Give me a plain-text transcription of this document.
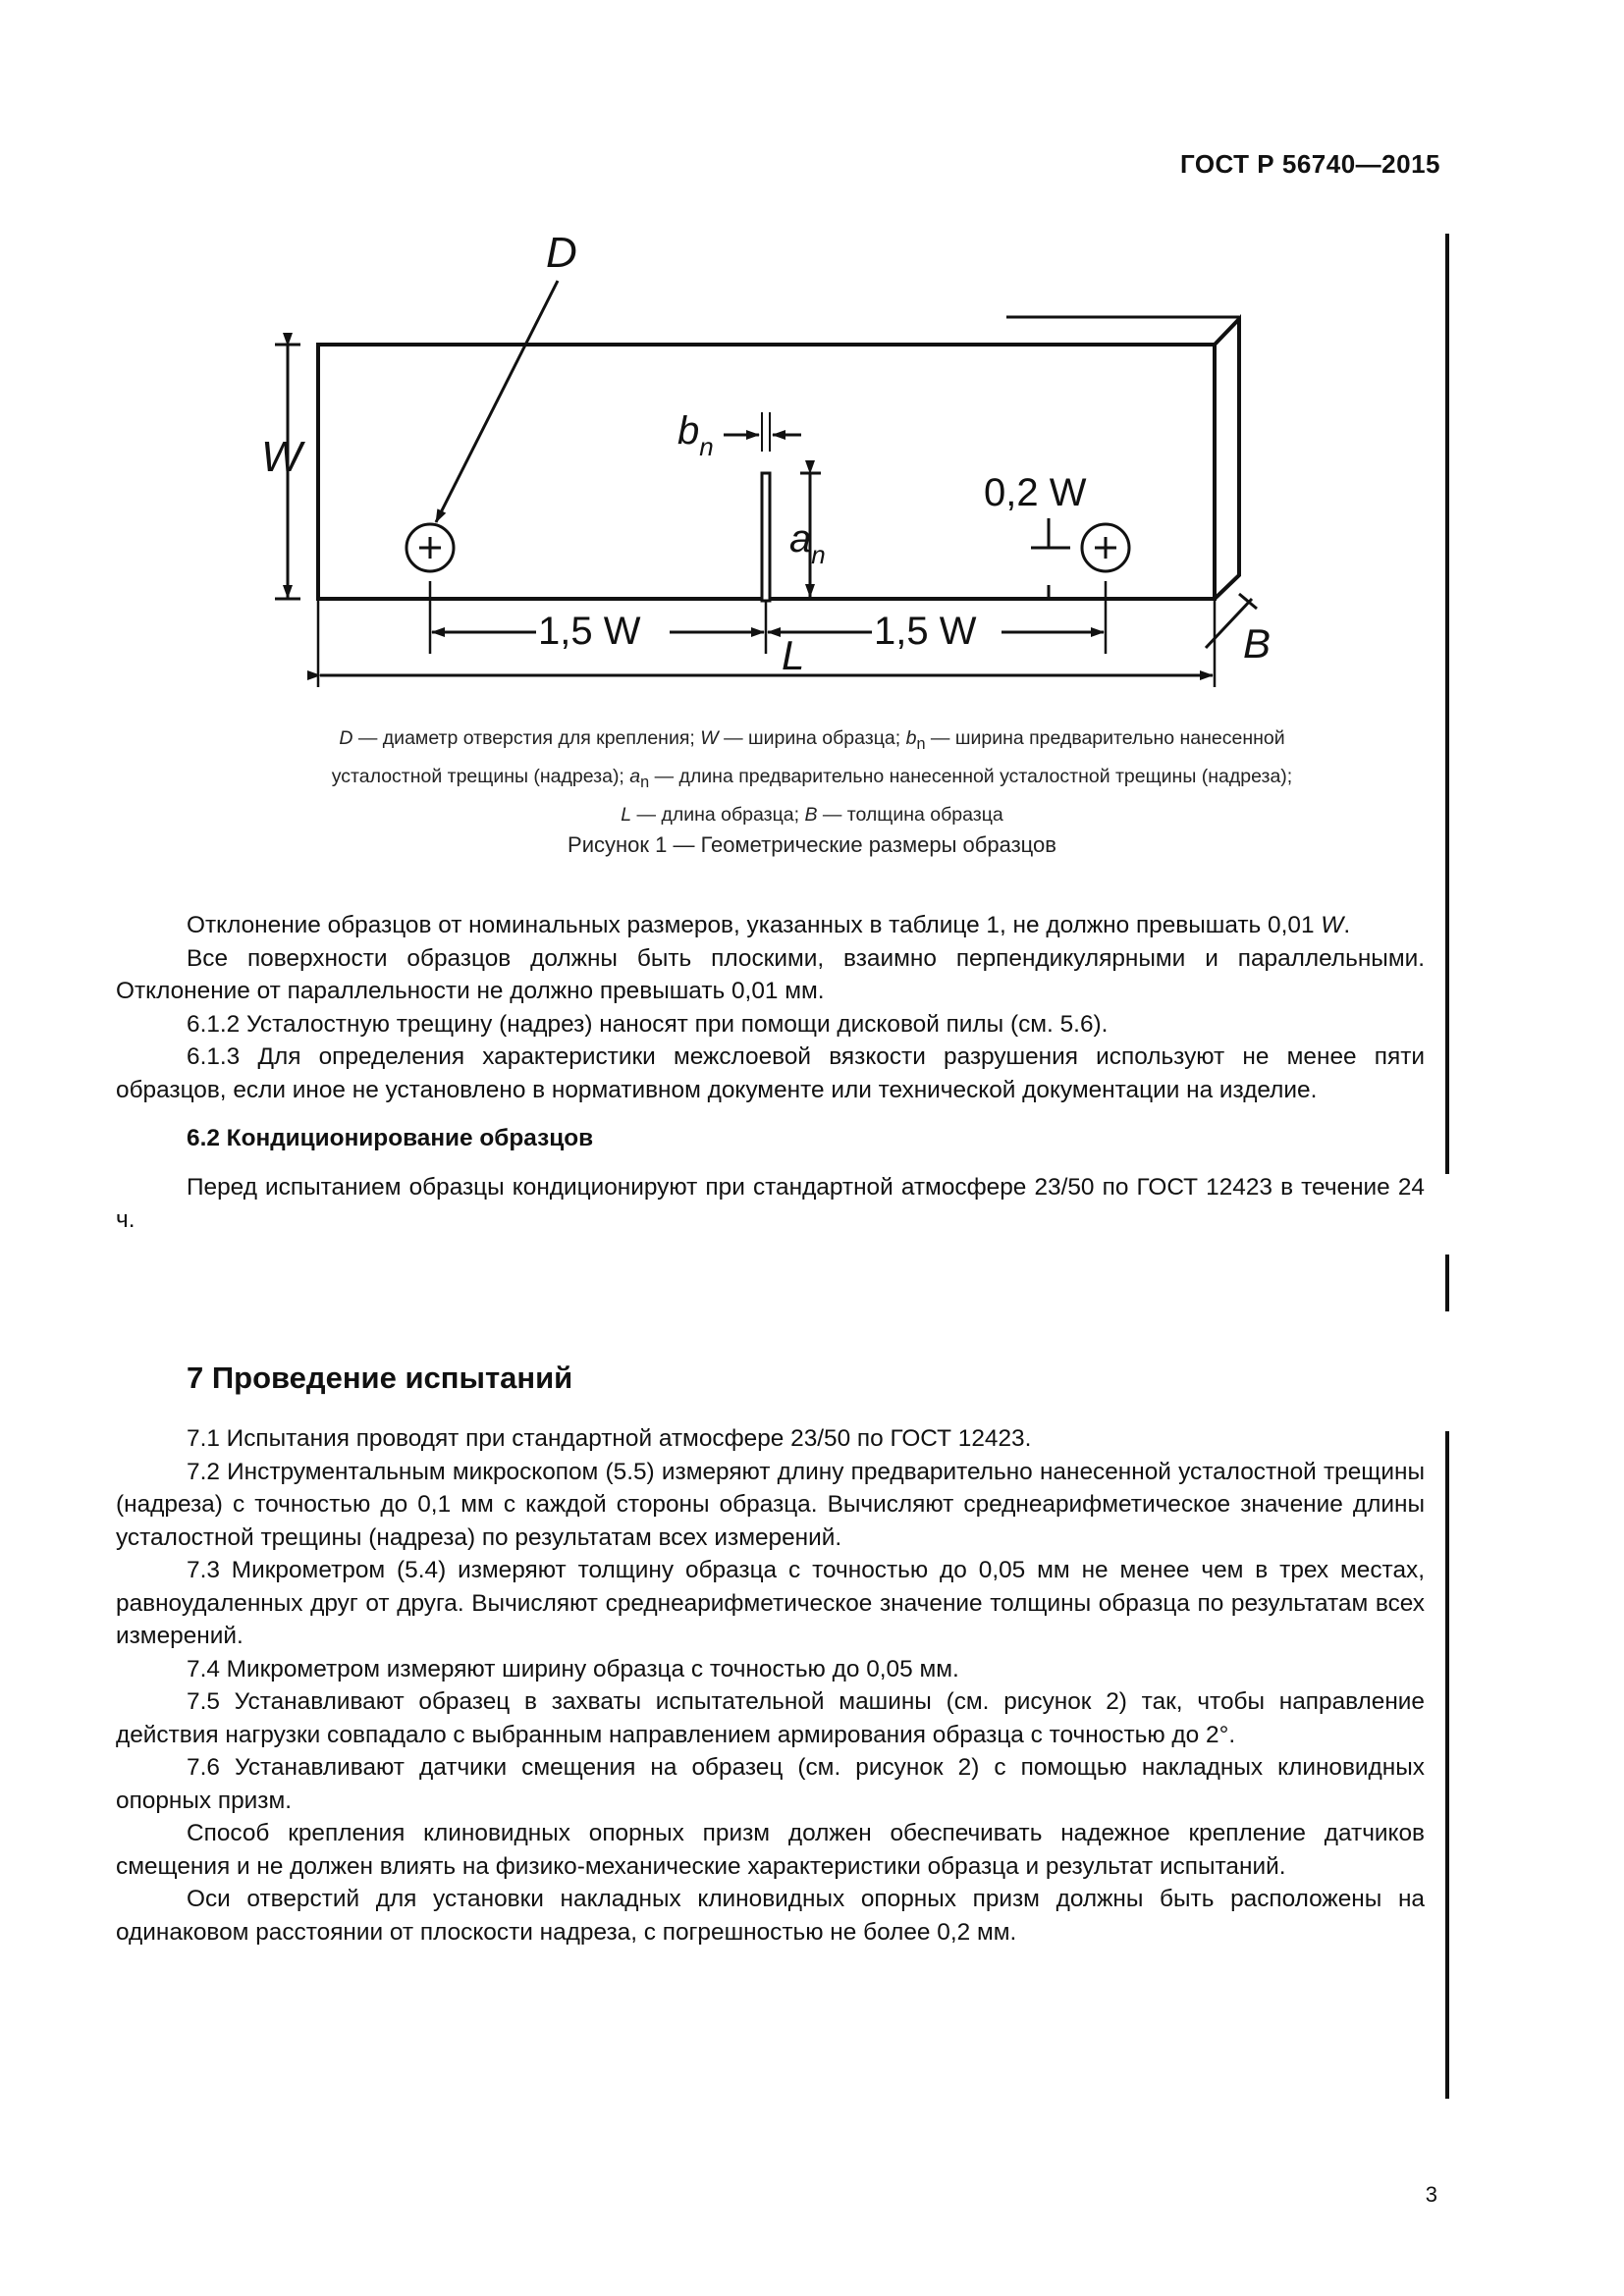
ГОСТ Р 56740—2015
D
W
$b_n$
$a_n$
0,2 W
1,5 W	1,5 W
L	B
D — диаметр отверстия для крепления; W — ширина образца; $b_n$ — ширина предварительно нанесенной
усталостной трещины (надреза); $a_n$ — длина предварительно нанесенной усталостной трещины (надреза);
L — длина образца; B — толщина образца
Рисунок 1 — Геометрические размеры образцов

Отклонение образцов от номинальных размеров, указанных в таблице 1, не должно превышать 0,01 W.

Все поверхности образцов должны быть плоскими, взаимно перпендикулярными и параллельными. Отклонение от параллельности не должно превышать 0,01 мм.

6.1.2 Усталостную трещину (надрез) наносят при помощи дисковой пилы (см. 5.6).

6.1.3 Для определения характеристики межслоевой вязкости разрушения используют не менее пяти образцов, если иное не установлено в нормативном документе или технической документации на изделие.

6.2 Кондиционирование образцов

Перед испытанием образцы кондиционируют при стандартной атмосфере 23/50 по ГОСТ 12423 в течение 24 ч.

7 Проведение испытаний

7.1 Испытания проводят при стандартной атмосфере 23/50 по ГОСТ 12423.

7.2 Инструментальным микроскопом (5.5) измеряют длину предварительно нанесенной усталостной трещины (надреза) с точностью до 0,1 мм с каждой стороны образца. Вычисляют среднеарифметическое значение длины усталостной трещины (надреза) по результатам всех измерений.

7.3 Микрометром (5.4) измеряют толщину образца с точностью до 0,05 мм не менее чем в трех местах, равноудаленных друг от друга. Вычисляют среднеарифметическое значение толщины образца по результатам всех измерений.

7.4 Микрометром измеряют ширину образца с точностью до 0,05 мм.

7.5 Устанавливают образец в захваты испытательной машины (см. рисунок 2) так, чтобы направление действия нагрузки совпадало с выбранным направлением армирования образца с точностью до 2°.

7.6 Устанавливают датчики смещения на образец (см. рисунок 2) с помощью накладных клиновидных опорных призм.

Способ крепления клиновидных опорных призм должен обеспечивать надежное крепление датчиков смещения и не должен влиять на физико-механические характеристики образца и результат испытаний.

Оси отверстий для установки накладных клиновидных опорных призм должны быть расположены на одинаковом расстоянии от плоскости надреза, с погрешностью не более 0,2 мм.

3
